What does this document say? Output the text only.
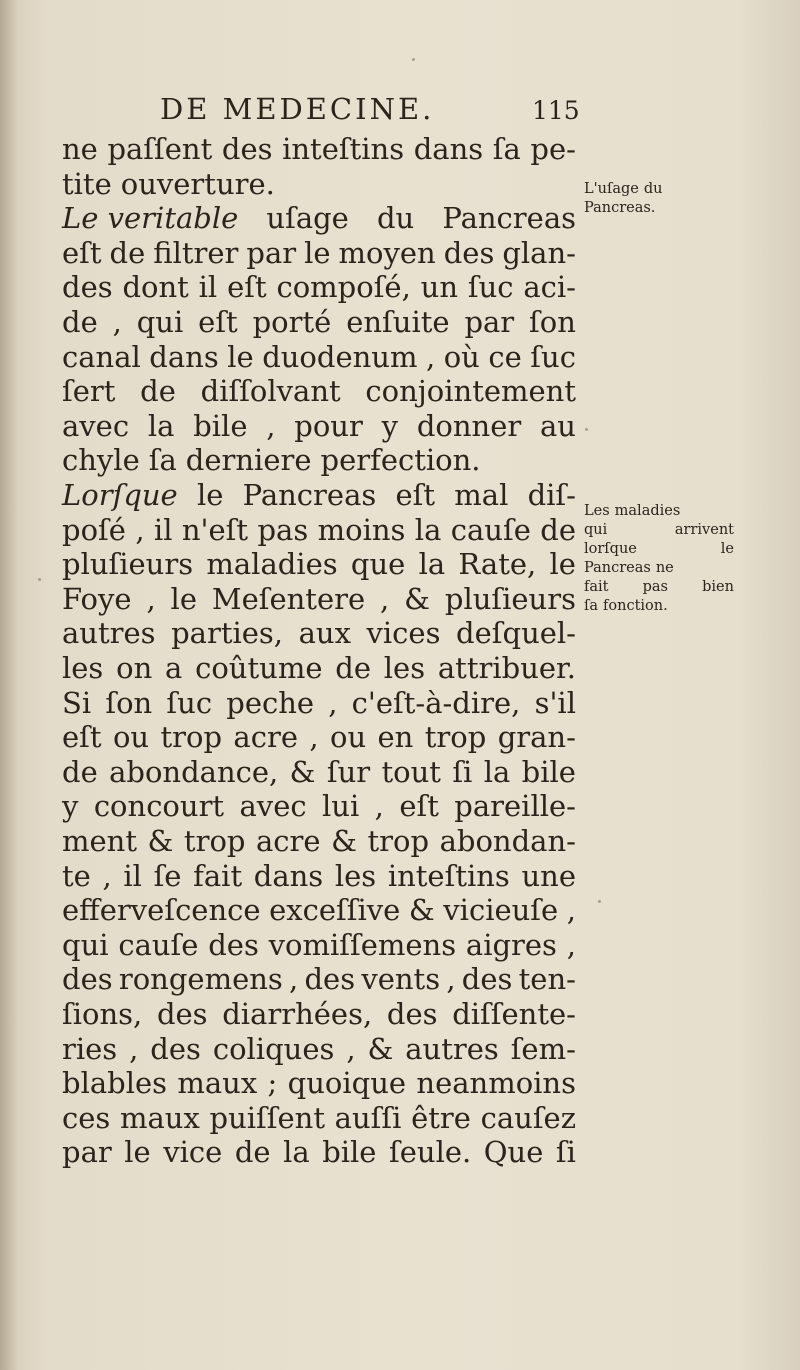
DE MEDECINE.	115
ne paſſent des inteſtins dans ſa pe-
tite ouverture.
Le veritable uſage du Pancreas
eſt de filtrer par le moyen des glan-
des dont il eſt compoſé, un ſuc aci-
de , qui eſt porté enſuite par ſon
canal dans le duodenum , où ce ſuc
ſert de diſſolvant conjointement
avec la bile , pour y donner au
chyle ſa derniere perfection.
Lorſque le Pancreas eſt mal diſ-
poſé , il n'eſt pas moins la cauſe de
pluſieurs maladies que la Rate, le
Foye , le Meſentere , & pluſieurs
autres parties, aux vices deſquel-
les on a coûtume de les attribuer.
Si ſon ſuc peche , c'eſt-à-dire, s'il
eſt ou trop acre , ou en trop gran-
de abondance, & ſur tout ſi la bile
y concourt avec lui , eſt pareille-
ment & trop acre & trop abondan-
te , il ſe fait dans les inteſtins une
efferveſcence exceſſive & vicieuſe ,
qui cauſe des vomiſſemens aigres ,
des rongemens , des vents , des ten-
ſions, des diarrhées, des diſſente-
ries , des coliques , & autres ſem-
blables maux ; quoique neanmoins
ces maux puiſſent auſſi être cauſez
par le vice de la bile ſeule. Que ſi
L'uſage du
Pancreas.
Les maladies
qui	arrivent
lorſque	le
Pancreas ne
fait pas bien
ſa fonction.
